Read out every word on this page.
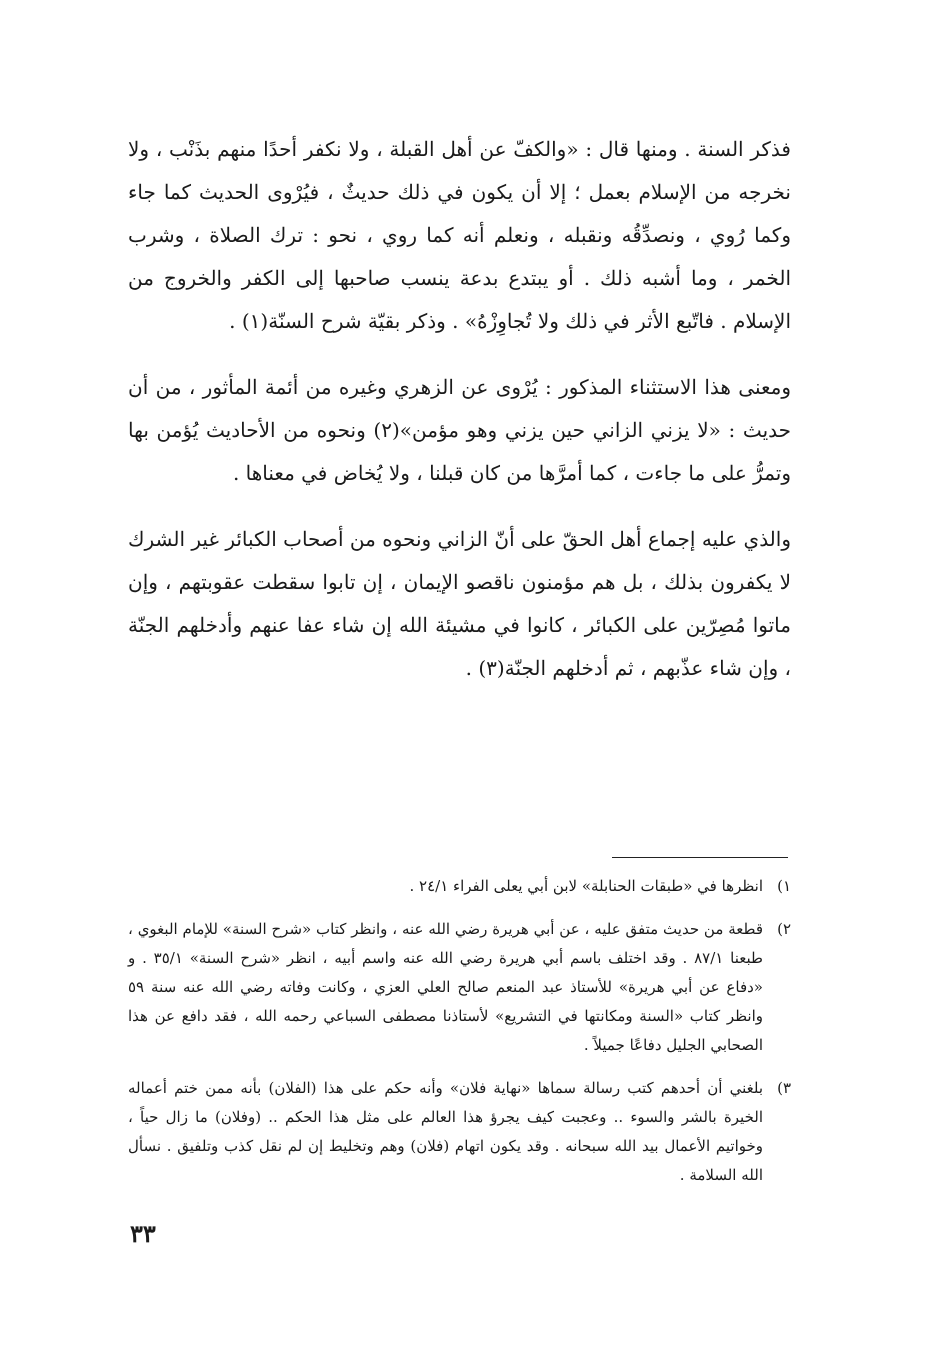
فذكر السنة . ومنها قال : «والكفّ عن أهل القبلة ، ولا نكفر أحدًا منهم بذَنْب ، ولا نخرجه من الإسلام بعمل ؛ إلا أن يكون في ذلك حديثٌ ، فيُرْوى الحديث كما جاء وكما رُوي ، ونصدِّقُه ونقبله ، ونعلم أنه كما روي ، نحو : ترك الصلاة ، وشرب الخمر ، وما أشبه ذلك . أو يبتدع بدعة ينسب صاحبها إلى الكفر والخروج من الإسلام . فاتّبع الأثر في ذلك ولا تُجاوِزْهُ» . وذكر بقيّة شرح السنّة(١) .

ومعنى هذا الاستثناء المذكور : يُرْوى عن الزهري وغيره من أئمة المأثور ، من أن حديث : «لا يزني الزاني حين يزني وهو مؤمن»(٢) ونحوه من الأحاديث يُؤمن بها وتمرُّ على ما جاءت ، كما أمرَّها من كان قبلنا ، ولا يُخاض في معناها .

والذي عليه إجماع أهل الحقّ على أنّ الزاني ونحوه من أصحاب الكبائر غير الشرك لا يكفرون بذلك ، بل هم مؤمنون ناقصو الإيمان ، إن تابوا سقطت عقوبتهم ، وإن ماتوا مُصِرّين على الكبائر ، كانوا في مشيئة الله إن شاء عفا عنهم وأدخلهم الجنّة ، وإن شاء عذّبهم ، ثم أدخلهم الجنّة(٣) .

١)
انظرها في «طبقات الحنابلة» لابن أبي يعلى الفراء ٢٤/١ .
٢)
قطعة من حديث متفق عليه ، عن أبي هريرة رضي الله عنه ، وانظر كتاب «شرح السنة» للإمام البغوي ، طبعنا ٨٧/١ . وقد اختلف باسم أبي هريرة رضي الله عنه واسم أبيه ، انظر «شرح السنة» ٣٥/١ . و «دفاع عن أبي هريرة» للأستاذ عبد المنعم صالح العلي العزي ، وكانت وفاته رضي الله عنه سنة ٥٩ وانظر كتاب «السنة ومكانتها في التشريع» لأستاذنا مصطفى السباعي رحمه الله ، فقد دافع عن هذا الصحابي الجليل دفاعًا جميلاً .
٣)
بلغني أن أحدهم كتب رسالة سماها «نهاية فلان» وأنه حكم على هذا (الفلان) بأنه ممن ختم أعماله الخيرة بالشر والسوء .. وعجبت كيف يجرؤ هذا العالم على مثل هذا الحكم .. (وفلان) ما زال حياً ، وخواتيم الأعمال بيد الله سبحانه . وقد يكون اتهام (فلان) وهم وتخليط إن لم نقل كذب وتلفيق . نسأل الله السلامة .
٣٣
